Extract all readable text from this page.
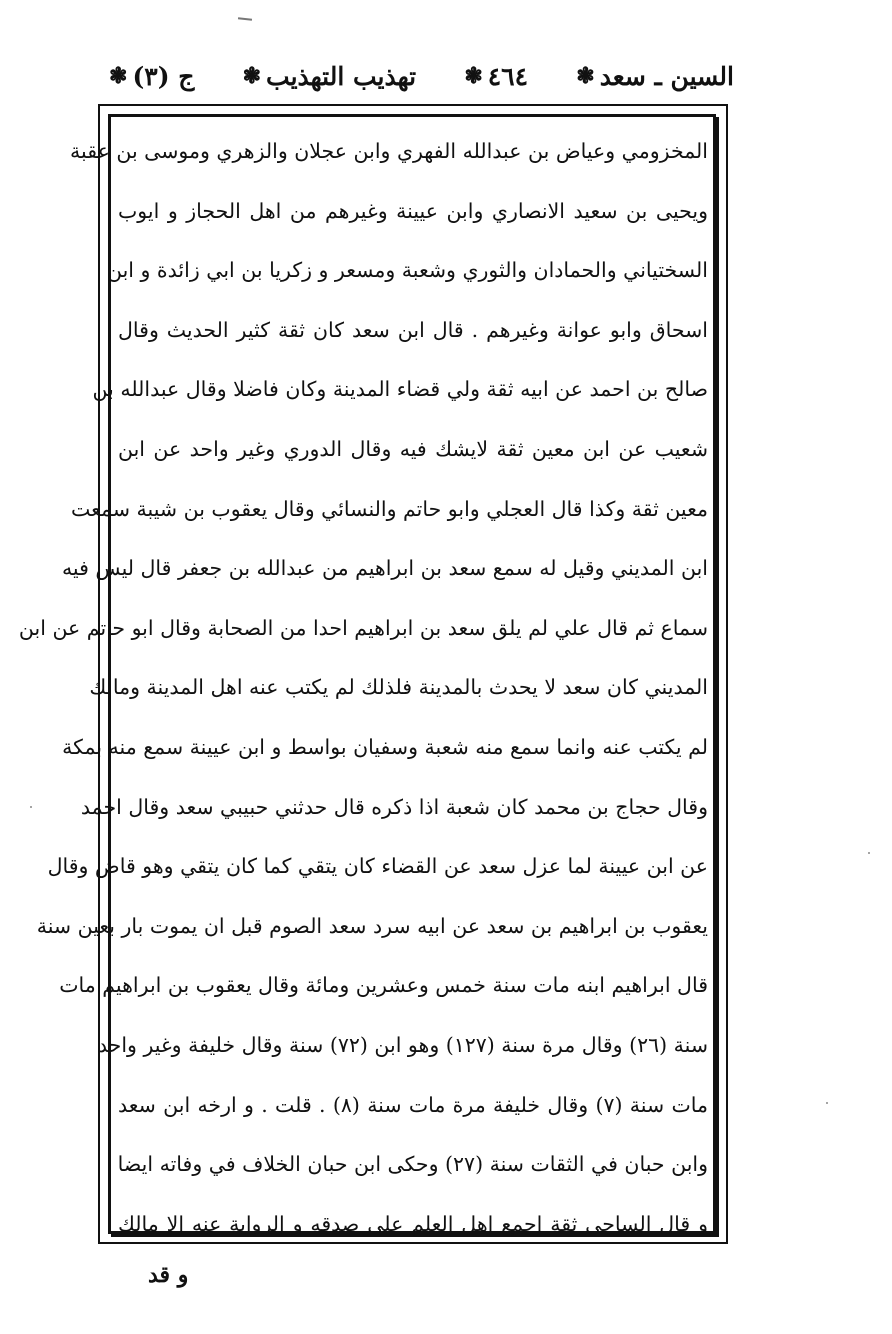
ج (٣)
❃	تهذيب التهذيب
❃	٤٦٤
❃	السين ـ سعد
❃
المخزومي وعياض بن عبدالله الفهري وابن عجلان والزهري وموسى بن عقبة
ويحيى بن سعيد الانصاري وابن عيينة وغيرهم من اهل الحجاز و ايوب
السختياني والحمادان والثوري وشعبة ومسعر و زكريا بن ابي زائدة و ابن
اسحاق وابو عوانة وغيرهم . قال ابن سعد كان ثقة كثير الحديث وقال
صالح بن احمد عن ابيه ثقة ولي قضاء المدينة وكان فاضلا وقال عبدالله بن
شعيب عن ابن معين ثقة لايشك فيه وقال الدوري وغير واحد عن ابن
معين ثقة وكذا قال العجلي وابو حاتم والنسائي وقال يعقوب بن شيبة سمعت
ابن المديني وقيل له سمع سعد بن ابراهيم من عبدالله بن جعفر قال ليس فيه
سماع ثم قال علي لم يلق سعد بن ابراهيم احدا من الصحابة وقال ابو حاتم عن ابن
المديني كان سعد لا يحدث بالمدينة فلذلك لم يكتب عنه اهل المدينة ومالك
لم يكتب عنه وانما سمع منه شعبة وسفيان بواسط و ابن عيينة سمع منه بمكة
وقال حجاج بن محمد كان شعبة اذا ذكره قال حدثني حبيبي سعد وقال احمد
عن ابن عيينة لما عزل سعد عن القضاء كان يتقي كما كان يتقي وهو قاض وقال
يعقوب بن ابراهيم بن سعد عن ابيه سرد سعد الصوم قبل ان يموت بار بعين سنة
قال ابراهيم ابنه مات سنة خمس وعشرين ومائة وقال يعقوب بن ابراهيم مات
سنة (٢٦) وقال مرة سنة (١٢٧) وهو ابن (٧٢) سنة وقال خليفة وغير واحد
مات سنة (٧) وقال خليفة مرة مات سنة (٨) . قلت . و ارخه ابن سعد
وابن حبان في الثقات سنة (٢٧) وحكى ابن حبان الخلاف في وفاته ايضا
و قال الساجي ثقة اجمع اهل العلم على صدقه و الرواية عنه الا مالك
و قد
